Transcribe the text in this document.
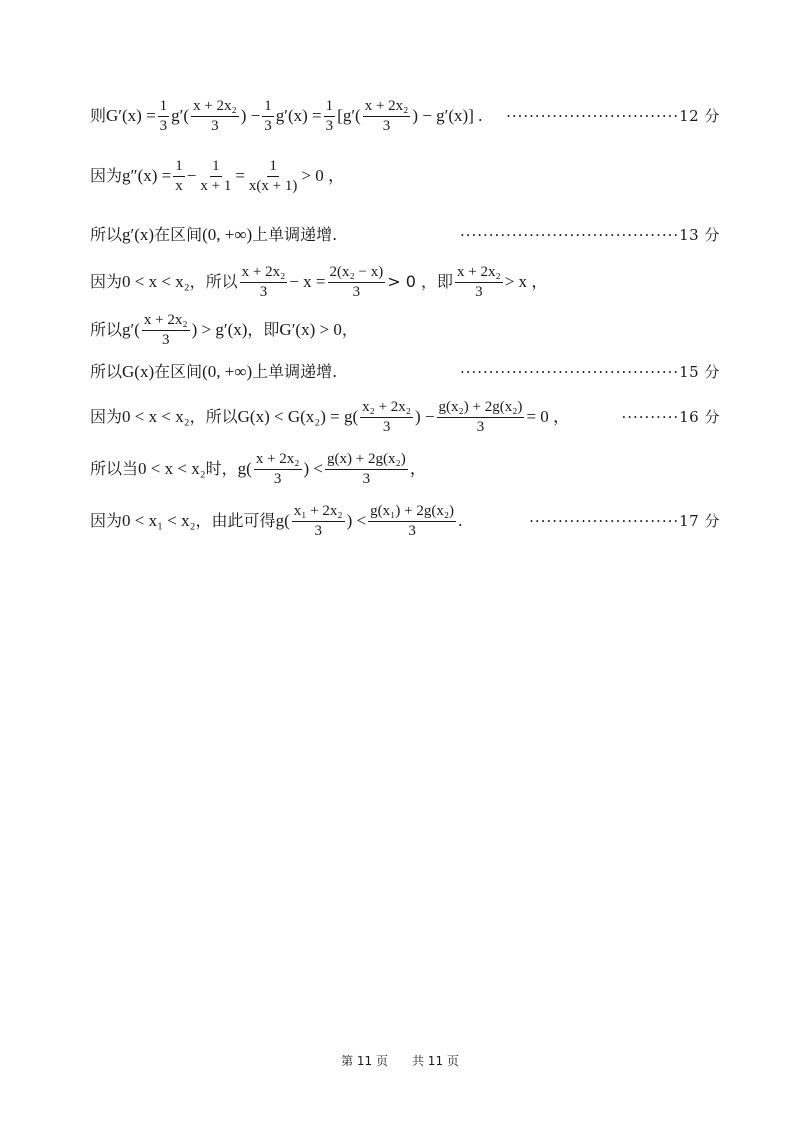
则 $G'(x) = \frac{1}{3} g'( \frac{\text{x + 2x₂}}{3}$ ) − $\frac{1}{3} g'(x) = \frac{1}{3} [g'( \frac{\text{x + 2x₂}}{3}$ ) − g′(x)] . ······························12 分
因为 $g''(x) = \frac{1}{x} - \frac{1}{x + 1} = \frac{1}{x(x + 1)} > 0$ ，
所以 g′(x) 在区间 (0, +∞) 上单调递增.	······································13 分
因为 0 < x < x₂ ，所以 $\frac{\text{x + 2x₂}}{3} - x = \frac{\text{2(x₂ − x)}}{3} > 0$ ，即 $\frac{\text{x + 2x₂}}{3} > x$ ，
所以 $g'( \frac{\text{x + 2x₂}}{3}$ ) > g′(x) ，即 G′(x) > 0 ，
所以 G(x) 在区间 (0, +∞) 上单调递增.	······································15 分
因为 0 < x < x₂ ，所以 $G(x) < G(x_2) = g( \frac{\text{x₂ + 2x₂}}{3}$ ) − $\frac{\text{g(x₂) + 2g(x₂)}}{3} = 0$ ，	··········16 分
所以当 0 < x < x₂ 时， $g( \frac{\text{x + 2x₂}}{3}$ ) < $\frac{\text{g(x) + 2g(x₂)}}{3}$ ，
因为 0 < x₁ < x₂ ，由此可得 $g( \frac{\text{x₁ + 2x₂}}{3}$ ) < $\frac{\text{g(x₁) + 2g(x₂)}}{3}$ .	··························17 分
第 11 页　　共 11 页
